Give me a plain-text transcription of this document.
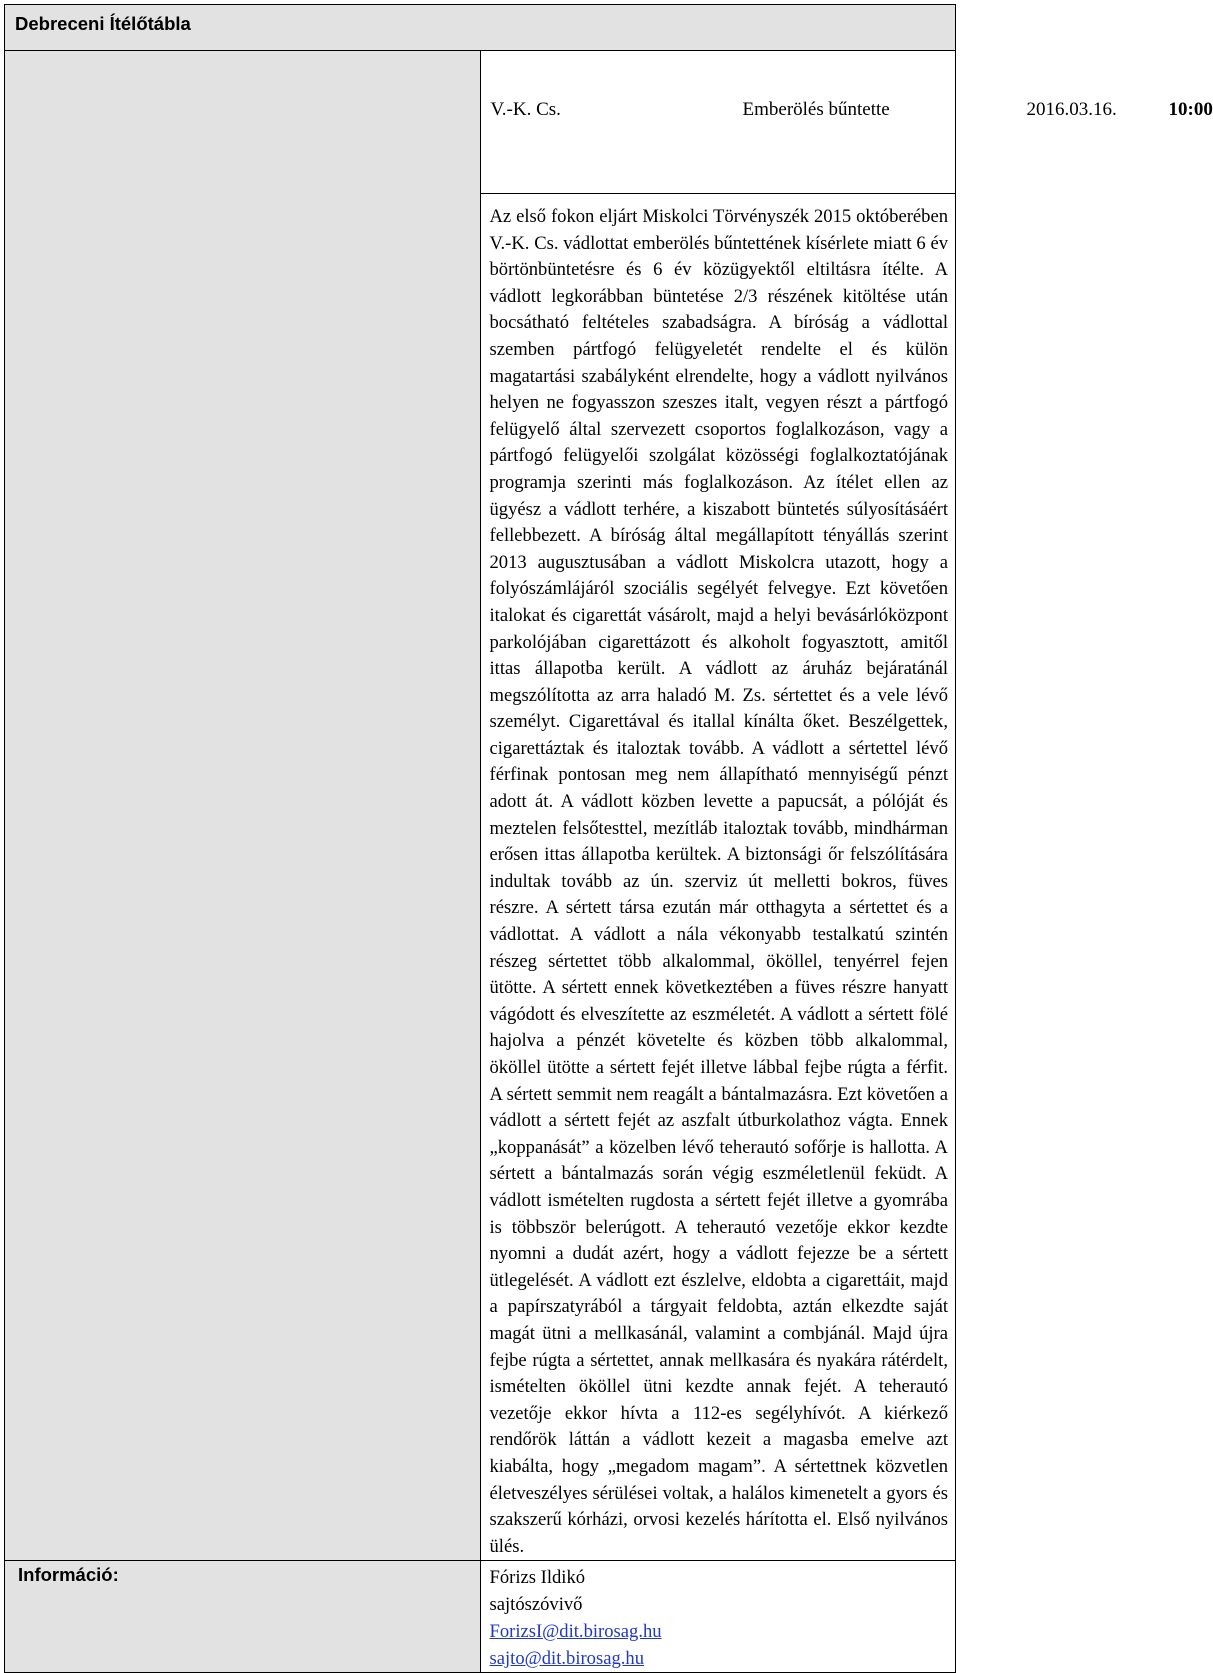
Debreceni Ítélőtábla	

	V.-K. Cs. Emberölés bűntette 2016.03.16. 10:00

	Az első fokon eljárt Miskolci Törvényszék 2015 októberében V.-K. Cs. vádlottat emberölés bűntettének kísérlete miatt 6 év börtönbüntetésre és 6 év közügyektől eltiltásra ítélte. A vádlott legkorábban büntetése 2/3 részének kitöltése után bocsátható feltételes szabadságra. A bíróság a vádlottal szemben pártfogó felügyeletét rendelte el és külön magatartási szabályként elrendelte, hogy a vádlott nyilvános helyen ne fogyasszon szeszes italt, vegyen részt a pártfogó felügyelő által szervezett csoportos foglalkozáson, vagy a pártfogó felügyelői szolgálat közösségi foglalkoztatójának programja szerinti más foglalkozáson. Az ítélet ellen az ügyész a vádlott terhére, a kiszabott büntetés súlyosításáért fellebbezett. A bíróság által megállapított tényállás szerint 2013 augusztusában a vádlott Miskolcra utazott, hogy a folyószámlájáról szociális segélyét felvegye. Ezt követően italokat és cigarettát vásárolt, majd a helyi bevásárlóközpont parkolójában cigarettázott és alkoholt fogyasztott, amitől ittas állapotba került. A vádlott az áruház bejáratánál megszólította az arra haladó M. Zs. sértettet és a vele lévő személyt. Cigarettával és itallal kínálta őket. Beszélgettek, cigarettáztak és italoztak tovább. A vádlott a sértettel lévő férfinak pontosan meg nem állapítható mennyiségű pénzt adott át. A vádlott közben levette a papucsát, a pólóját és meztelen felsőtesttel, mezítláb italoztak tovább, mindhárman erősen ittas állapotba kerültek. A biztonsági őr felszólítására indultak tovább az ún. szerviz út melletti bokros, füves részre. A sértett társa ezután már otthagyta a sértettet és a vádlottat. A vádlott a nála vékonyabb testalkatú szintén részeg sértettet több alkalommal, ököllel, tenyérrel fejen ütötte. A sértett ennek következtében a füves részre hanyatt vágódott és elveszítette az eszméletét. A vádlott a sértett fölé hajolva a pénzét követelte és közben több alkalommal, ököllel ütötte a sértett fejét illetve lábbal fejbe rúgta a férfit. A sértett semmit nem reagált a bántalmazásra. Ezt követően a vádlott a sértett fejét az aszfalt útburkolathoz vágta. Ennek „koppanását” a közelben lévő teherautó sofőrje is hallotta. A sértett a bántalmazás során végig eszméletlenül feküdt. A vádlott ismételten rugdosta a sértett fejét illetve a gyomrába is többször belerúgott. A teherautó vezetője ekkor kezdte nyomni a dudát azért, hogy a vádlott fejezze be a sértett ütlegelését. A vádlott ezt észlelve, eldobta a cigarettáit, majd a papírszatyrából a tárgyait feldobta, aztán elkezdte saját magát ütni a mellkasánál, valamint a combjánál. Majd újra fejbe rúgta a sértettet, annak mellkasára és nyakára rátérdelt, ismételten ököllel ütni kezdte annak fejét. A teherautó vezetője ekkor hívta a 112-es segélyhívót. A kiérkező rendőrök láttán a vádlott kezeit a magasba emelve azt kiabálta, hogy „megadom magam”. A sértettnek közvetlen életveszélyes sérülései voltak, a halálos kimenetelt a gyors és szakszerű kórházi, orvosi kezelés hárította el. Első nyilvános ülés.

Információ:	Fórizs Ildikó
sajtószóvivő
ForizsI@dit.birosag.hu
sajto@dit.birosag.hu
